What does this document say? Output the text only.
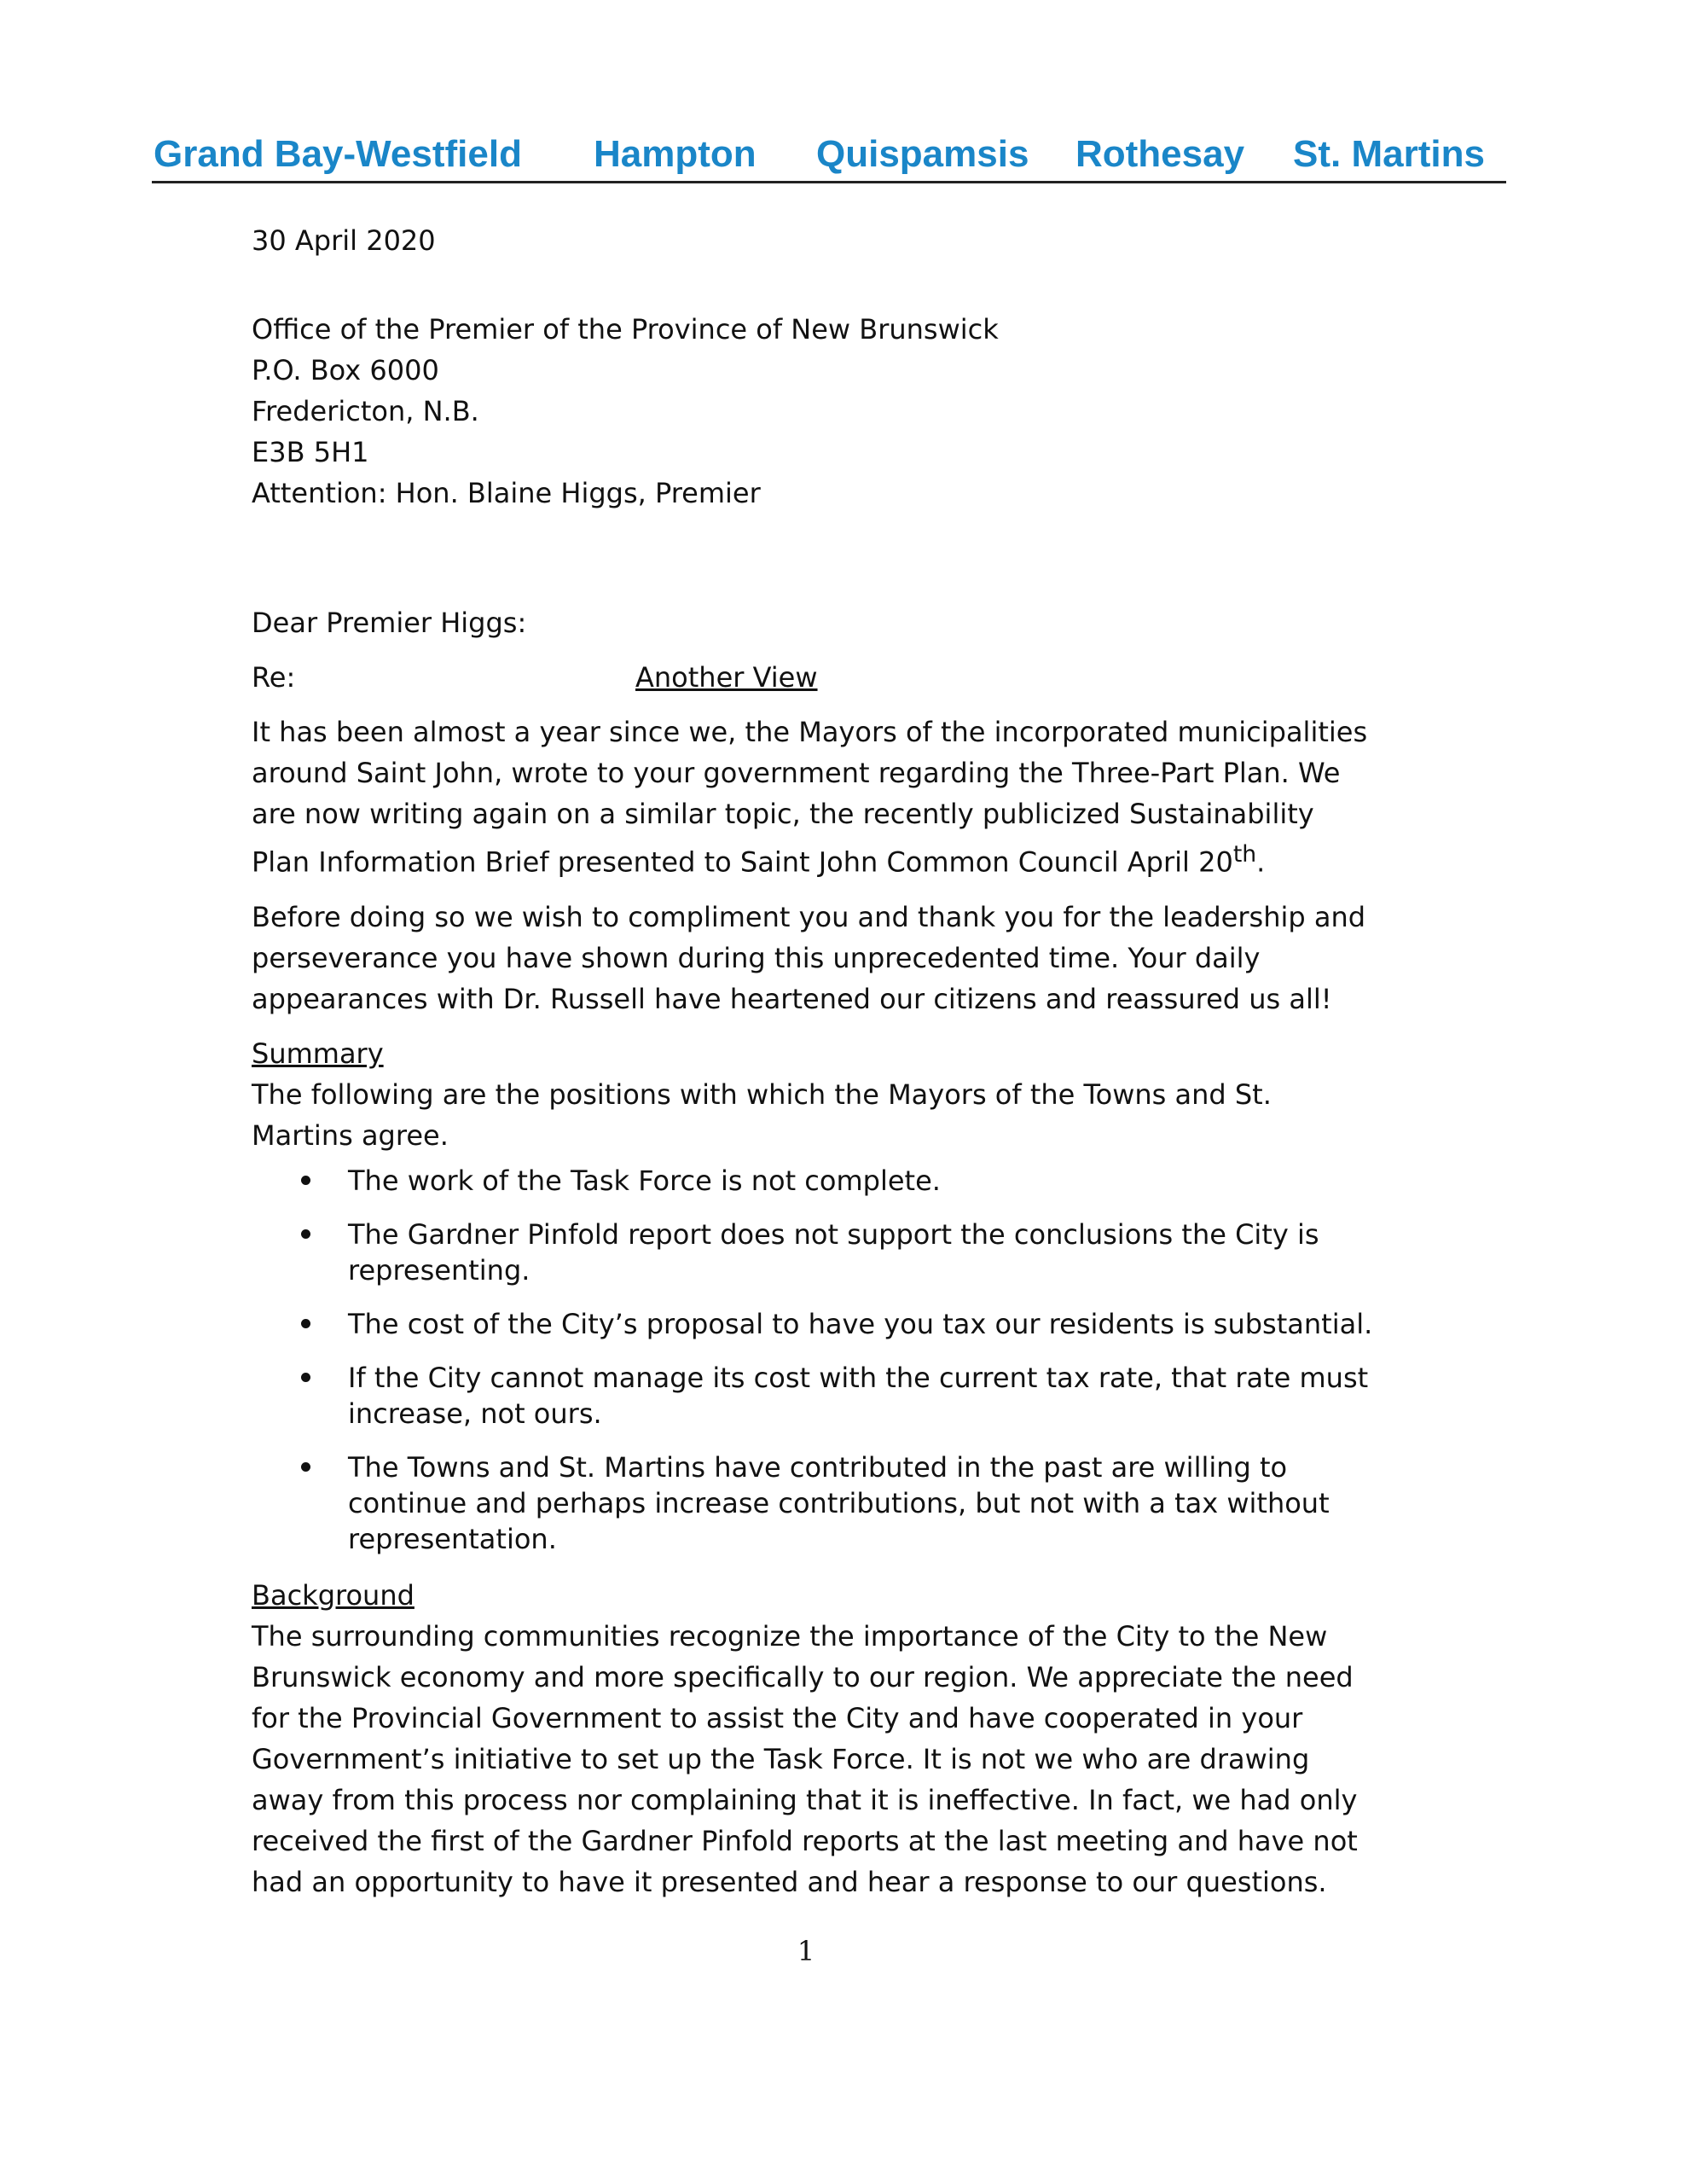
Grand Bay-Westfield Hampton Quispamsis Rothesay St. Martins

30 April 2020

Office of the Premier of the Province of New Brunswick

P.O. Box 6000

Fredericton, N.B.

E3B 5H1

Attention: Hon. Blaine Higgs, Premier

Dear Premier Higgs:

Re:	Another View

It has been almost a year since we, the Mayors of the incorporated municipalities around Saint John, wrote to your government regarding the Three-Part Plan. We are now writing again on a similar topic, the recently publicized Sustainability Plan Information Brief presented to Saint John Common Council April 20th.

Before doing so we wish to compliment you and thank you for the leadership and perseverance you have shown during this unprecedented time. Your daily appearances with Dr. Russell have heartened our citizens and reassured us all!

Summary

The following are the positions with which the Mayors of the Towns and St. Martins agree.

The work of the Task Force is not complete.
The Gardner Pinfold report does not support the conclusions the City is representing.
The cost of the City’s proposal to have you tax our residents is substantial.
If the City cannot manage its cost with the current tax rate, that rate must increase, not ours.
The Towns and St. Martins have contributed in the past are willing to continue and perhaps increase contributions, but not with a tax without representation.

Background

The surrounding communities recognize the importance of the City to the New Brunswick economy and more specifically to our region. We appreciate the need for the Provincial Government to assist the City and have cooperated in your Government’s initiative to set up the Task Force. It is not we who are drawing away from this process nor complaining that it is ineffective. In fact, we had only received the first of the Gardner Pinfold reports at the last meeting and have not had an opportunity to have it presented and hear a response to our questions.

1
